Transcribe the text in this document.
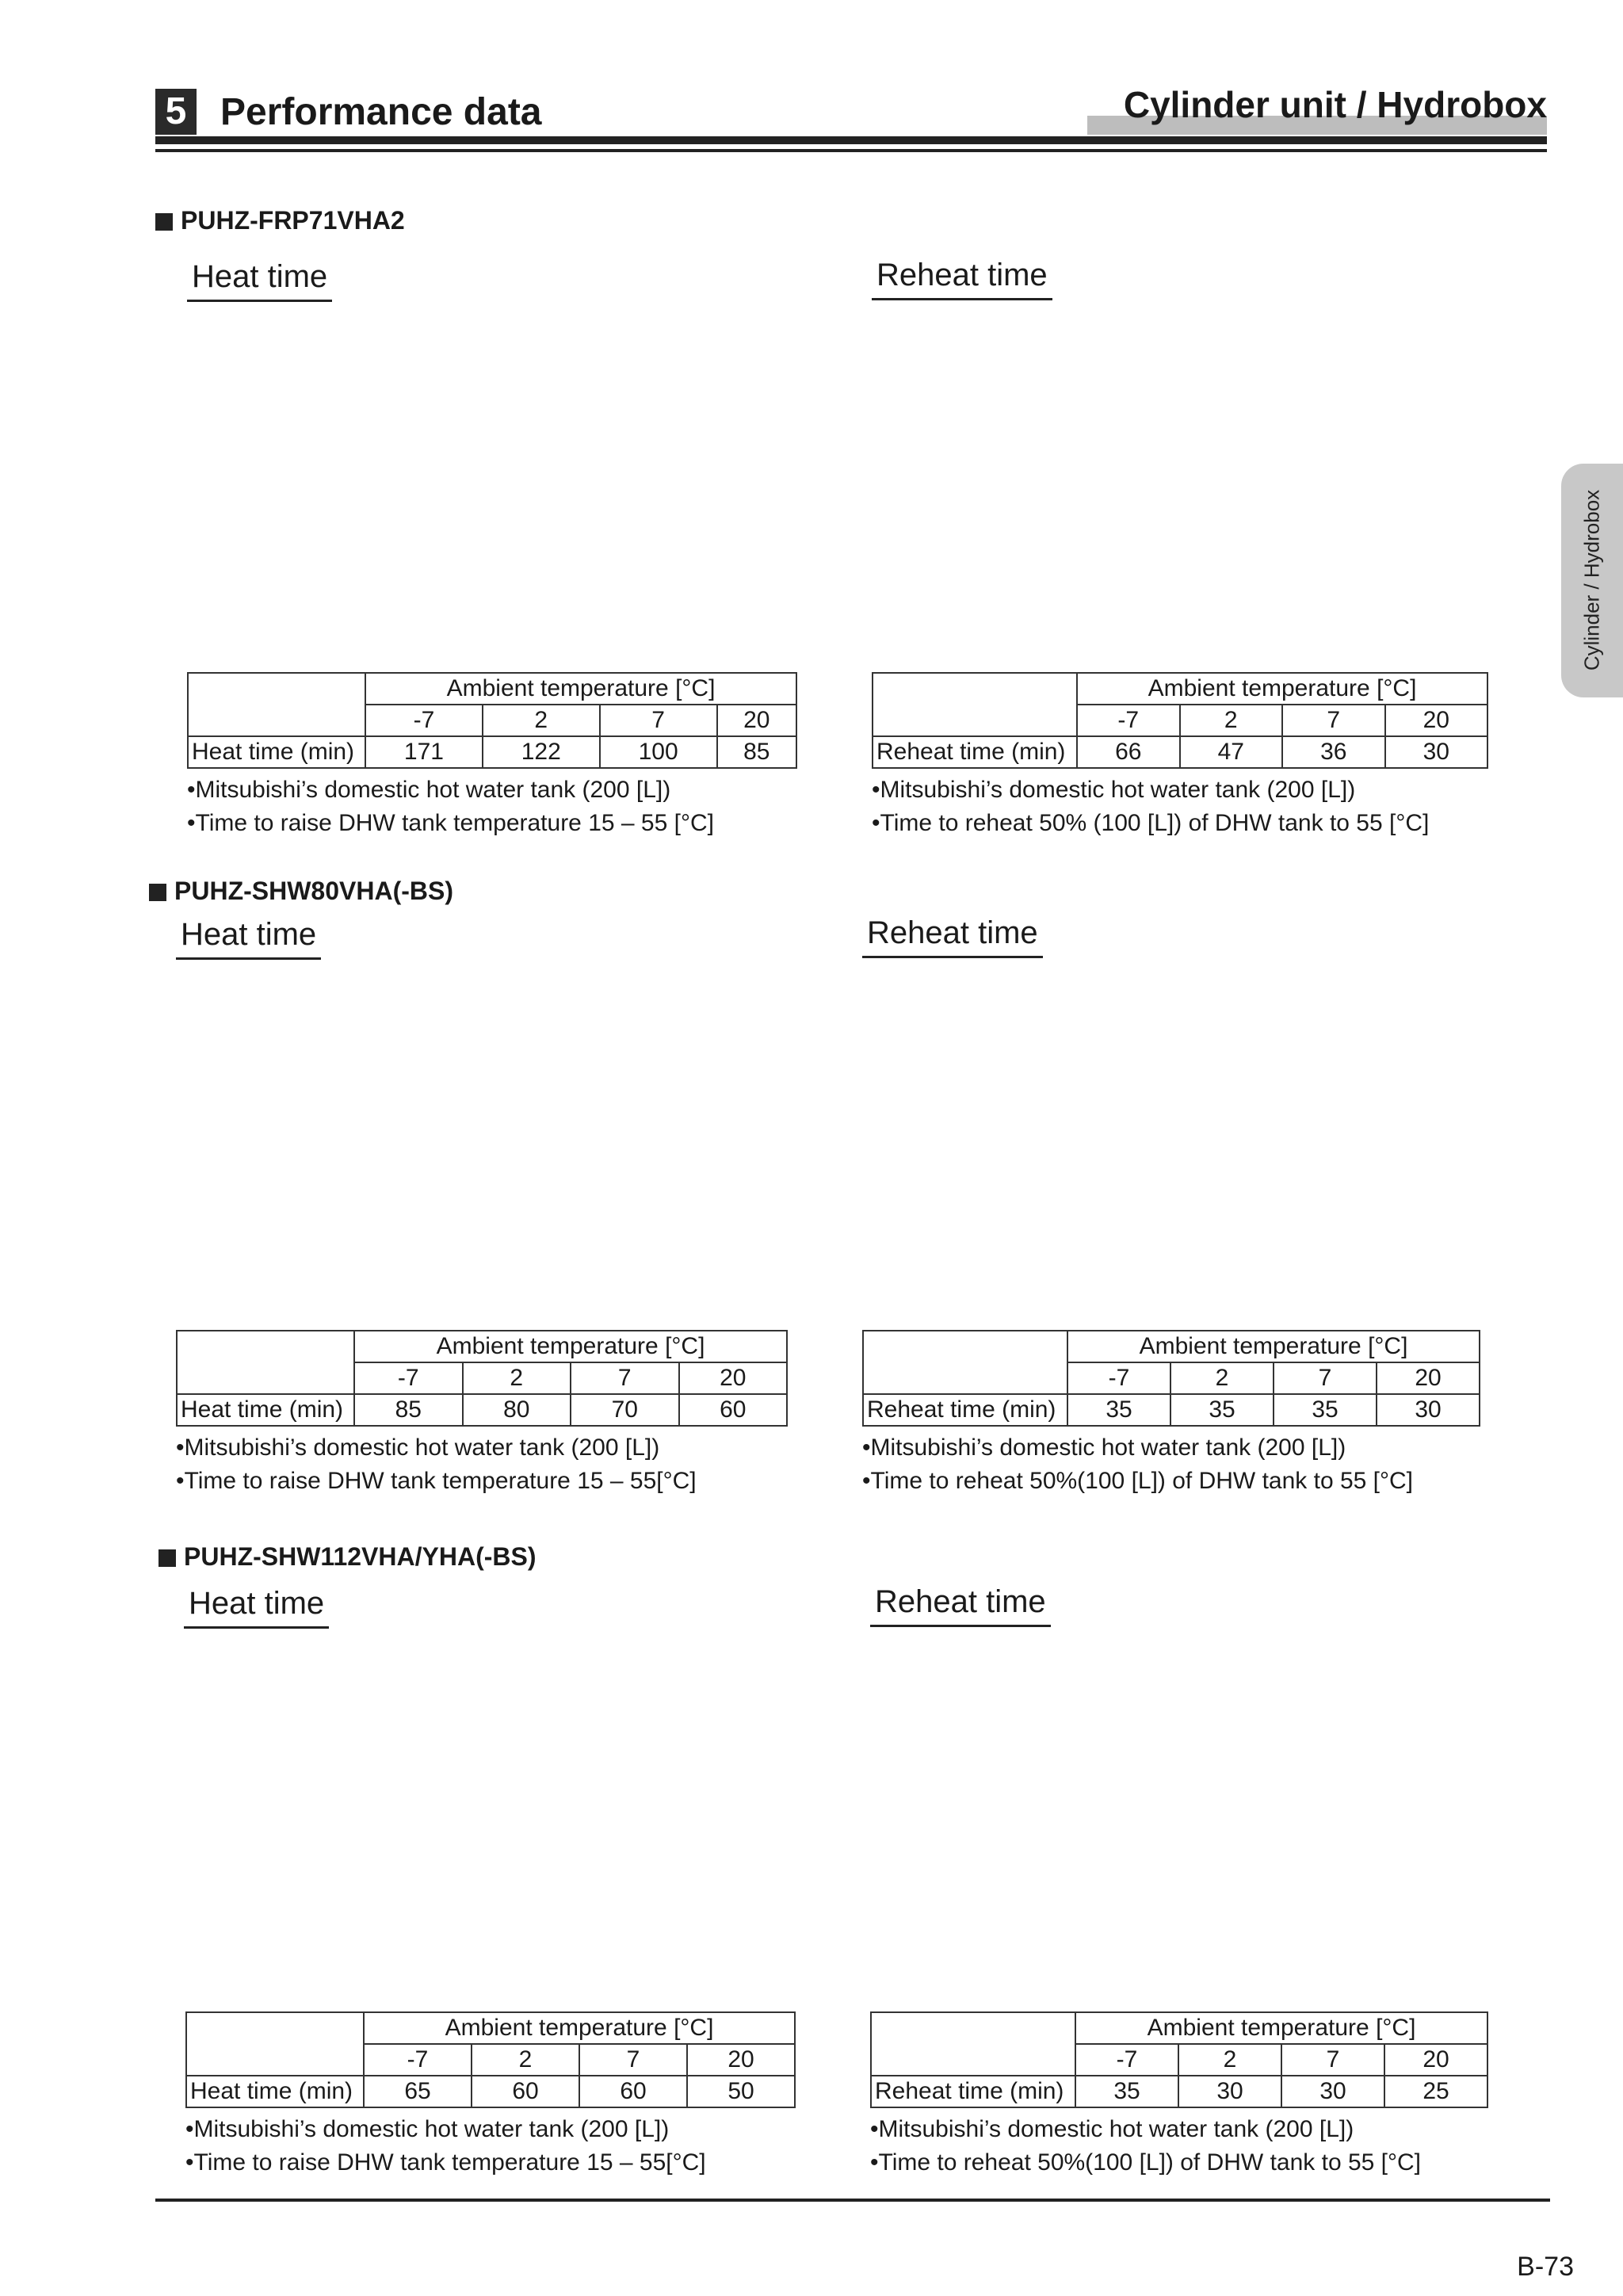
5 Performance data	Cylinder unit / Hydrobox
Cylinder / Hydrobox
PUHZ-FRP71VHA2
Heat time	Reheat time
-8 -4 0	4	8 12 16 20
0
50
100
150
Ambient temperature [°C]
Time [min]
-8 -4 0	4	8 12 16 20
0
10
20
30
40
50
60
70
Ambient temperature [°C]
Time [min]
	Ambient temperature [°C]			
	-7	2	7	20
Heat time (min)	171	122	100	85
	Ambient temperature [°C]			
	-7	2	7	20
Reheat time (min)	66	47	36	30
•Mitsubishi’s domestic hot water tank (200 [L])
•Time to raise DHW tank temperature 15 – 55 [°C]
•Mitsubishi’s domestic hot water tank (200 [L])
•Time to reheat 50% (100 [L]) of DHW tank to 55 [°C]
PUHZ-SHW80VHA(-BS)
Heat time	Reheat time
-8 -4 0	4	8 12 16 20
0
50
100
150
Ambient temperature [°C]
Time [min]
-8 -4 0	4	8 12 16 20
0
10
20
30
40
50
60
70
Ambient temperature [°C]
Time [min]
	Ambient temperature [°C]			
	-7	2	7	20
Heat time (min)	85	80	70	60
	Ambient temperature [°C]			
	-7	2	7	20
Reheat time (min)	35	35	35	30
•Mitsubishi’s domestic hot water tank (200 [L])
•Time to raise DHW tank temperature 15 – 55[°C]
•Mitsubishi’s domestic hot water tank (200 [L])
•Time to reheat 50%(100 [L]) of DHW tank to 55 [°C]
PUHZ-SHW112VHA/YHA(-BS)
Heat time	Reheat time
-8 -4 0	4	8 12 16 20
0
50
100
150
Ambient temperature [°C]
Time [min]
-8 -4 0	4	8 12 16 20
0
10
20
30
40
50
60
70
Ambient temperature [°C]
Time [min]
	Ambient temperature [°C]			
	-7	2	7	20
Heat time (min)	65	60	60	50
	Ambient temperature [°C]			
	-7	2	7	20
Reheat time (min)	35	30	30	25
•Mitsubishi’s domestic hot water tank (200 [L])
•Time to raise DHW tank temperature 15 – 55[°C]
•Mitsubishi’s domestic hot water tank (200 [L])
•Time to reheat 50%(100 [L]) of DHW tank to 55 [°C]
B-73
